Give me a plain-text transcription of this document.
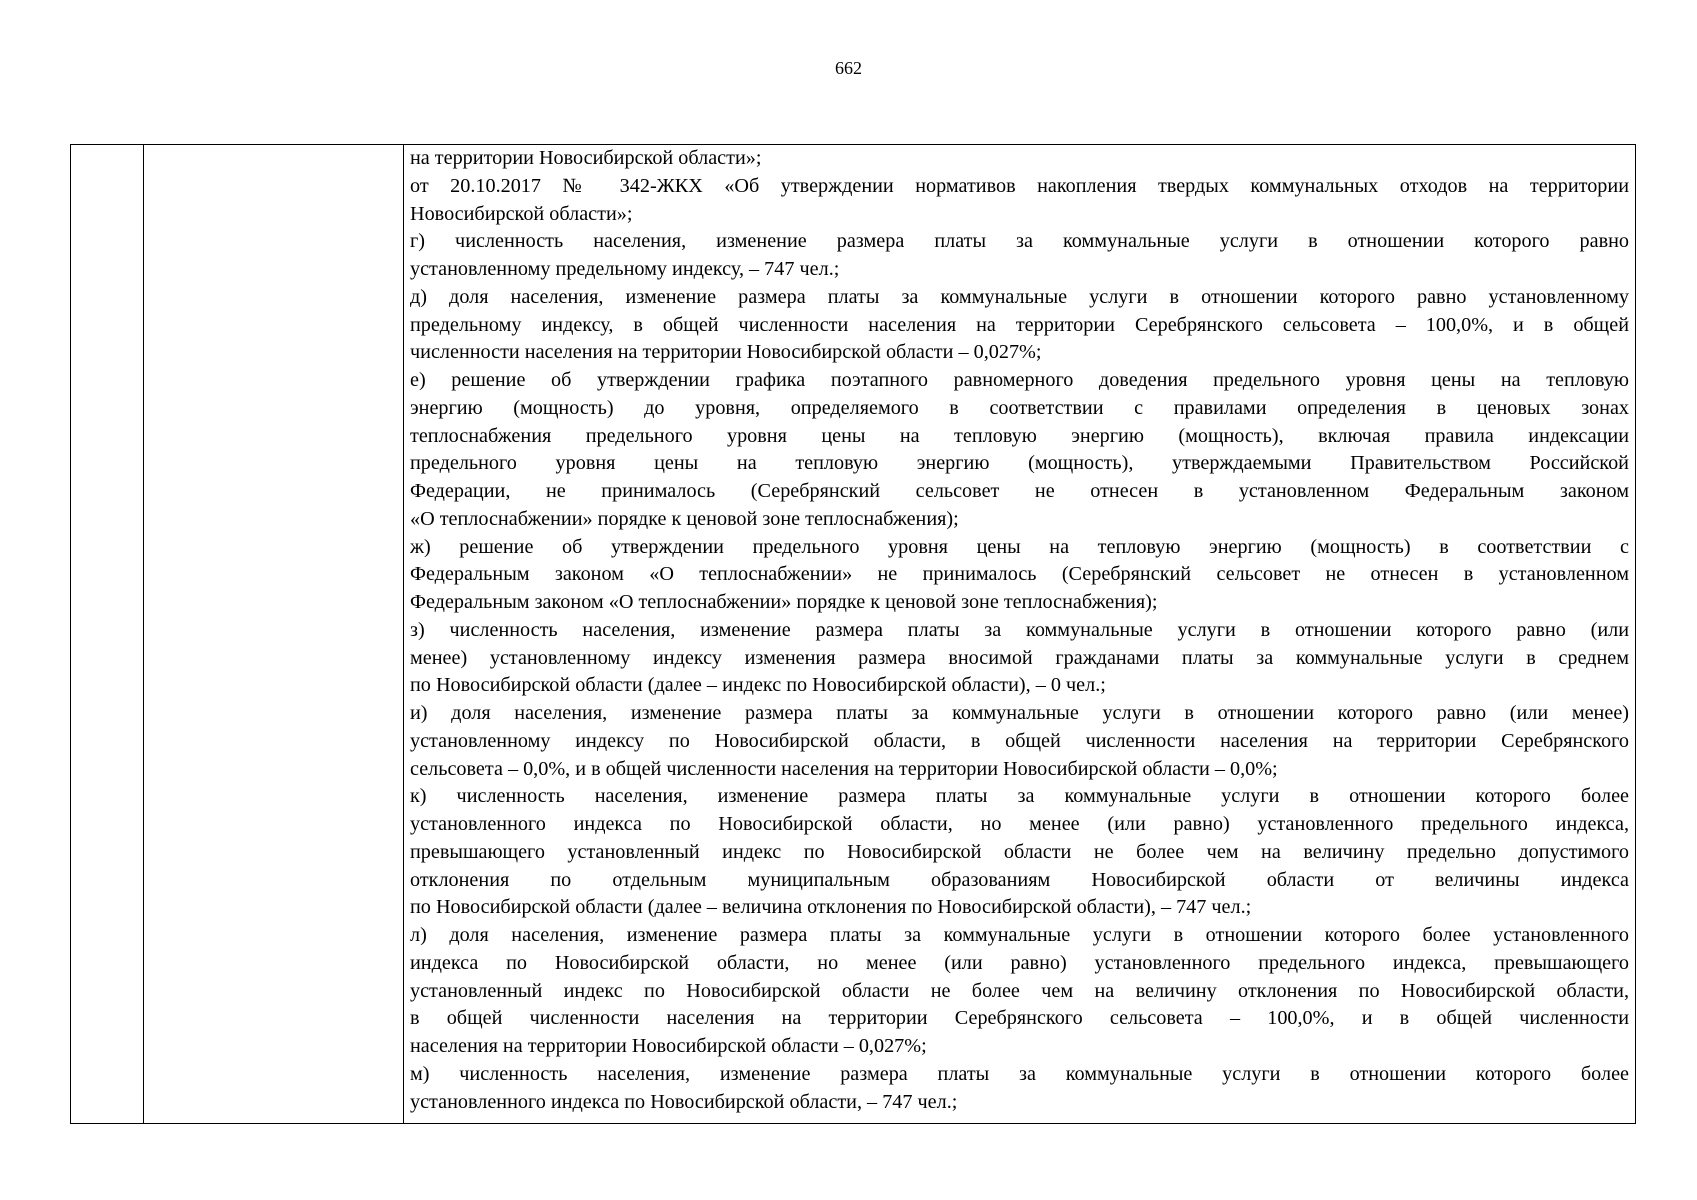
662

на территории Новосибирской области»;
от 20.10.2017 № 342-ЖКХ «Об утверждении нормативов накопления твердых коммунальных отходов на территории
Новосибирской области»;
г) численность населения, изменение размера платы за коммунальные услуги в отношении которого равно
установленному предельному индексу, – 747 чел.;
д) доля населения, изменение размера платы за коммунальные услуги в отношении которого равно установленному
предельному индексу, в общей численности населения на территории Серебрянского сельсовета – 100,0%, и в общей
численности населения на территории Новосибирской области – 0,027%;
е) решение об утверждении графика поэтапного равномерного доведения предельного уровня цены на тепловую
энергию (мощность) до уровня, определяемого в соответствии с правилами определения в ценовых зонах
теплоснабжения предельного уровня цены на тепловую энергию (мощность), включая правила индексации
предельного уровня цены на тепловую энергию (мощность), утверждаемыми Правительством Российской
Федерации, не принималось (Серебрянский сельсовет не отнесен в установленном Федеральным законом
«О теплоснабжении» порядке к ценовой зоне теплоснабжения);
ж) решение об утверждении предельного уровня цены на тепловую энергию (мощность) в соответствии с
Федеральным законом «О теплоснабжении» не принималось (Серебрянский сельсовет не отнесен в установленном
Федеральным законом «О теплоснабжении» порядке к ценовой зоне теплоснабжения);
з) численность населения, изменение размера платы за коммунальные услуги в отношении которого равно (или
менее) установленному индексу изменения размера вносимой гражданами платы за коммунальные услуги в среднем
по Новосибирской области (далее – индекс по Новосибирской области), – 0 чел.;
и) доля населения, изменение размера платы за коммунальные услуги в отношении которого равно (или менее)
установленному индексу по Новосибирской области, в общей численности населения на территории Серебрянского
сельсовета – 0,0%, и в общей численности населения на территории Новосибирской области – 0,0%;
к) численность населения, изменение размера платы за коммунальные услуги в отношении которого более
установленного индекса по Новосибирской области, но менее (или равно) установленного предельного индекса,
превышающего установленный индекс по Новосибирской области не более чем на величину предельно допустимого
отклонения по отдельным муниципальным образованиям Новосибирской области от величины индекса
по Новосибирской области (далее – величина отклонения по Новосибирской области), – 747 чел.;
л) доля населения, изменение размера платы за коммунальные услуги в отношении которого более установленного
индекса по Новосибирской области, но менее (или равно) установленного предельного индекса, превышающего
установленный индекс по Новосибирской области не более чем на величину отклонения по Новосибирской области,
в общей численности населения на территории Серебрянского сельсовета – 100,0%, и в общей численности
населения на территории Новосибирской области – 0,027%;
м) численность населения, изменение размера платы за коммунальные услуги в отношении которого более
установленного индекса по Новосибирской области, – 747 чел.;
